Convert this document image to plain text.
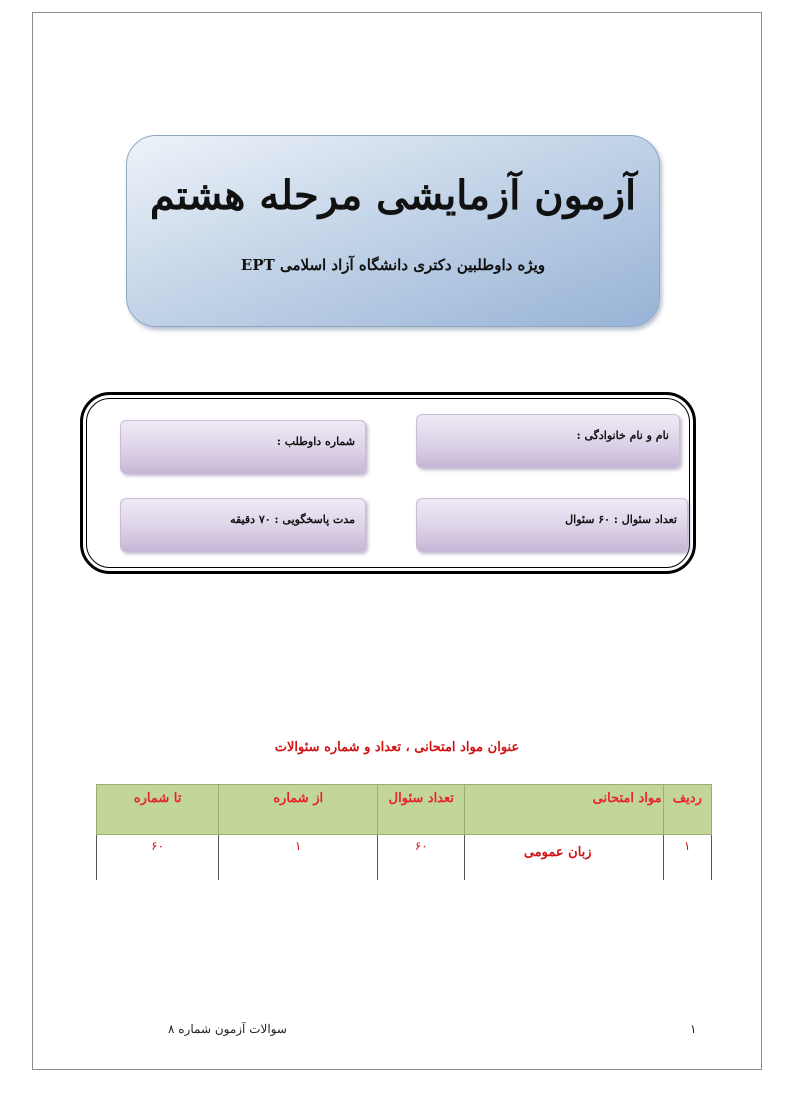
آزمون آزمایشی مرحله هشتم
ویژه داوطلبین دکتری دانشگاه آزاد اسلامی EPT
نام و نام خانوادگی :
شماره داوطلب :
تعداد سئوال : ۶۰ سئوال
مدت پاسخگویی : ۷۰ دقیقه
عنوان مواد امتحانی ، تعداد و شماره سئوالات
ردیف	مواد امتحانی	تعداد سئوال	از شماره	تا شماره
۱	زبان عمومی	۶۰	۱	۶۰
سوالات آزمون شماره ۸	۱
